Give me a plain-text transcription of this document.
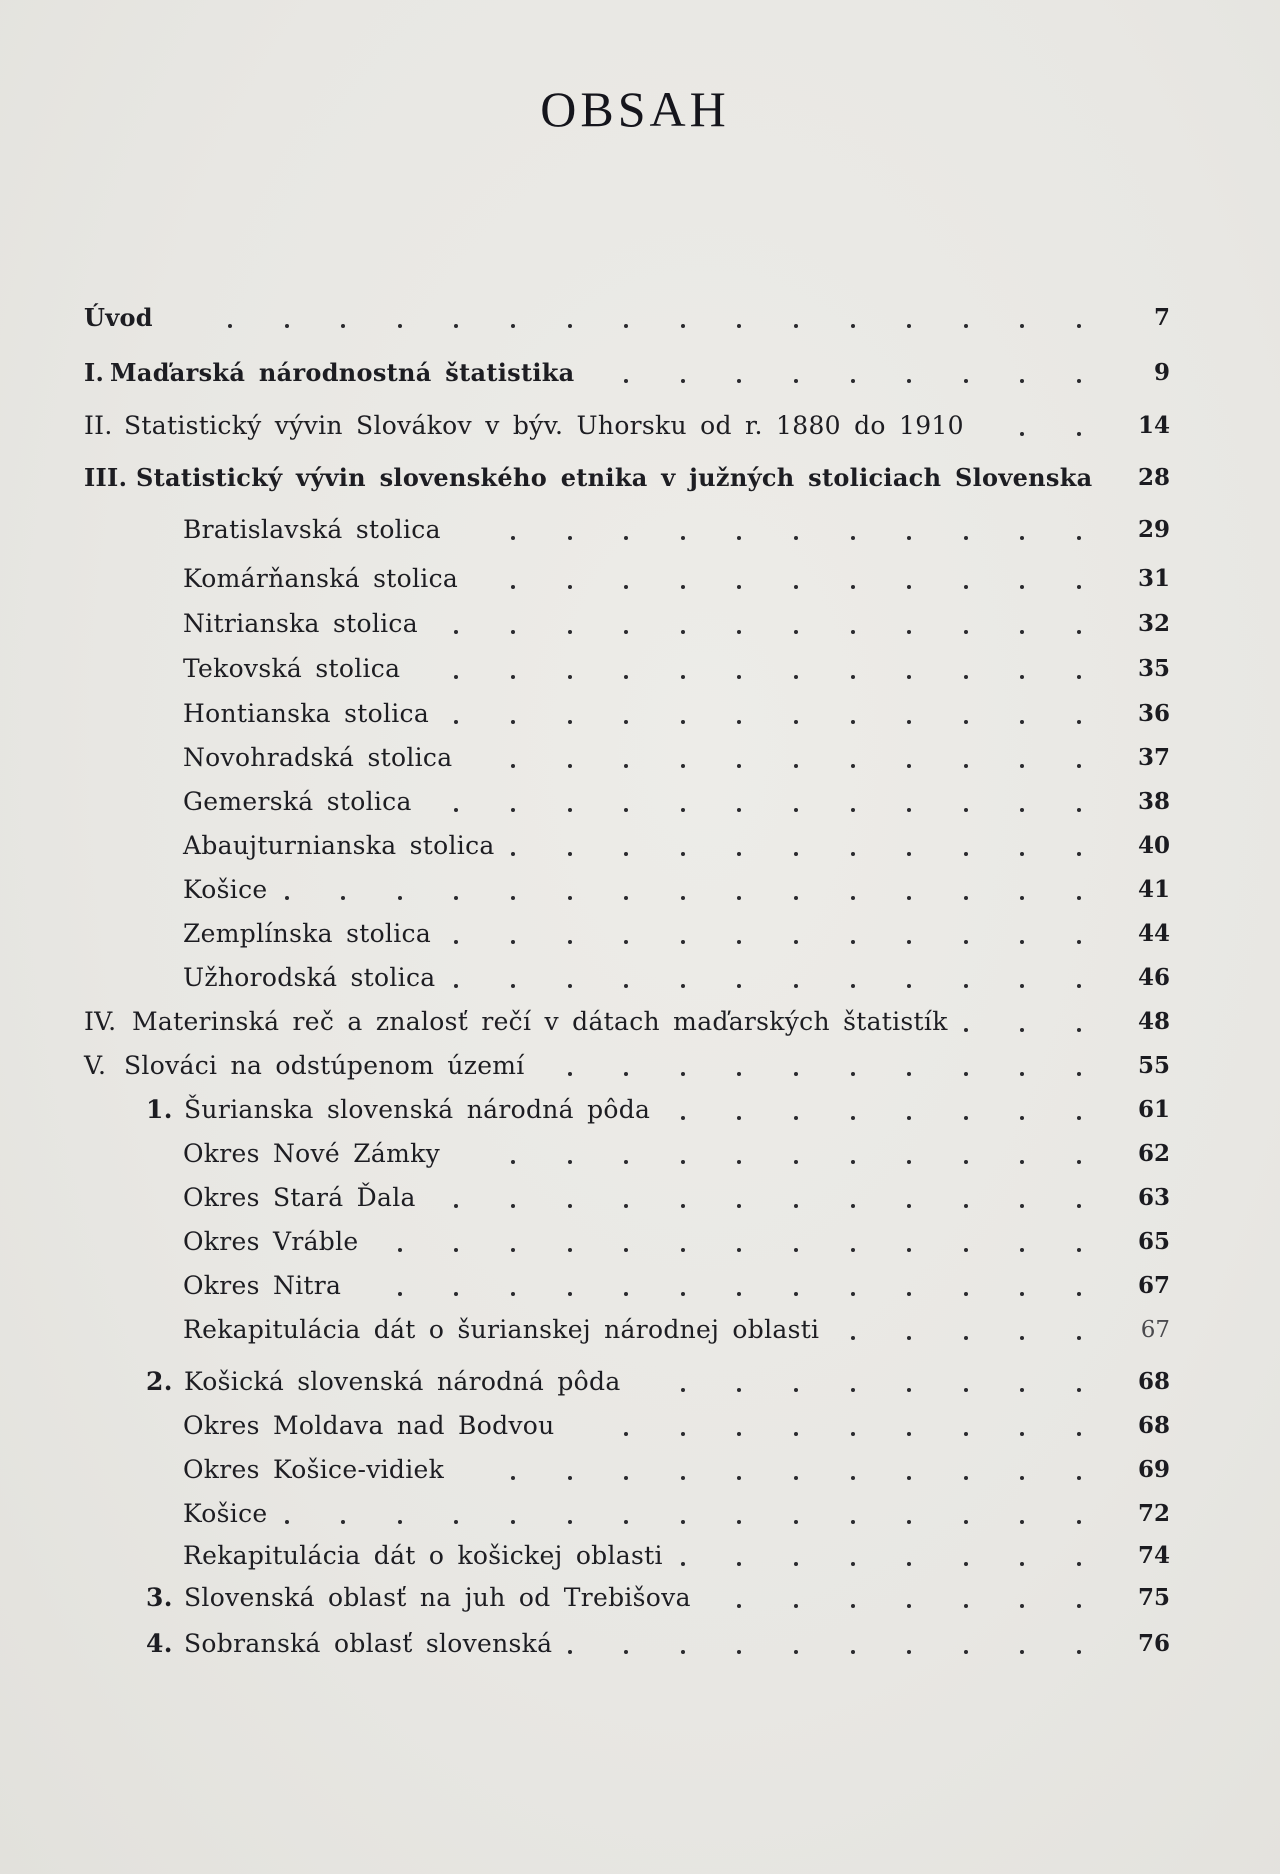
OBSAH
Úvod	7
I. Maďarská národnostná štatistika	9
II. Statistický vývin Slovákov v býv. Uhorsku od r. 1880 do 1910	14
III. Statistický vývin slovenského etnika v južných stoliciach Slovenska	28
Bratislavská stolica	29
Komárňanská stolica	31
Nitrianska stolica	32
Tekovská stolica	35
Hontianska stolica	36
Novohradská stolica	37
Gemerská stolica	38
Abaujturnianska stolica	40
Košice	41
Zemplínska stolica	44
Užhorodská stolica	46
IV. Materinská reč a znalosť rečí v dátach maďarských štatistík	48
V. Slováci na odstúpenom území	55
1. Šurianska slovenská národná pôda	61
Okres Nové Zámky	62
Okres Stará Ďala	63
Okres Vráble	65
Okres Nitra	67
Rekapitulácia dát o šurianskej národnej oblasti	67
2. Košická slovenská národná pôda	68
Okres Moldava nad Bodvou	68
Okres Košice-vidiek	69
Košice	72
Rekapitulácia dát o košickej oblasti	74
3. Slovenská oblasť na juh od Trebišova	75
4. Sobranská oblasť slovenská	76
